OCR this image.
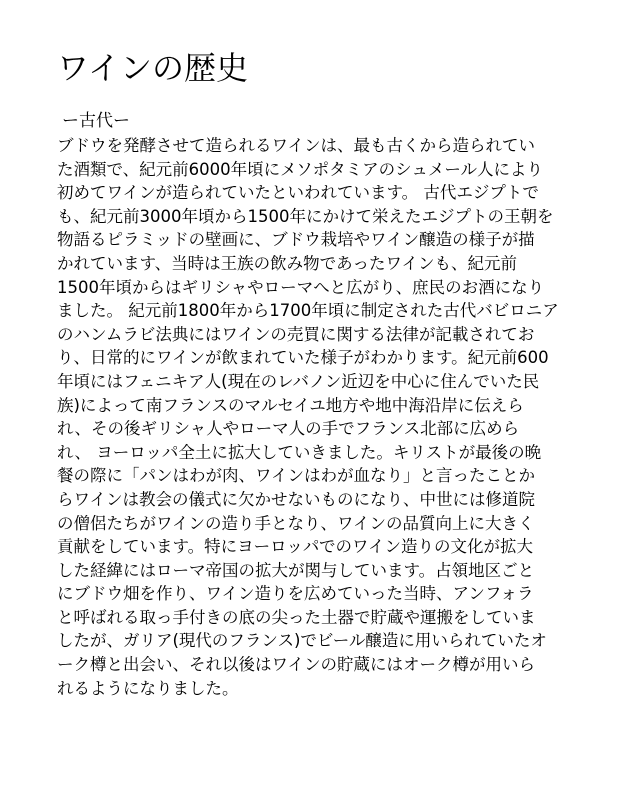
ワインの歴史
ー古代ー
ブドウを発酵させて造られるワインは、最も古くから造られてい
た酒類で、紀元前6000年頃にメソポタミアのシュメール人により
初めてワインが造られていたといわれています。 古代エジプトで
も、紀元前3000年頃から1500年にかけて栄えたエジプトの王朝を
物語るピラミッドの壁画に、ブドウ栽培やワイン醸造の様子が描
かれています、当時は王族の飲み物であったワインも、紀元前
1500年頃からはギリシャやローマへと広がり、庶民のお酒になり
ました。 紀元前1800年から1700年頃に制定された古代バビロニア
のハンムラビ法典にはワインの売買に関する法律が記載されてお
り、日常的にワインが飲まれていた様子がわかります。紀元前600
年頃にはフェニキア人(現在のレバノン近辺を中心に住んでいた民
族)によって南フランスのマルセイユ地方や地中海沿岸に伝えら
れ、その後ギリシャ人やローマ人の手でフランス北部に広めら
れ、 ヨーロッパ全土に拡大していきました。キリストが最後の晩
餐の際に「パンはわが肉、ワインはわが血なり」と言ったことか
らワインは教会の儀式に欠かせないものになり、中世には修道院
の僧侶たちがワインの造り手となり、ワインの品質向上に大きく
貢献をしています。特にヨーロッパでのワイン造りの文化が拡大
した経緯にはローマ帝国の拡大が関与しています。占領地区ごと
にブドウ畑を作り、ワイン造りを広めていった当時、アンフォラ
と呼ばれる取っ手付きの底の尖った土器で貯蔵や運搬をしていま
したが、ガリア(現代のフランス)でビール醸造に用いられていたオ
ーク樽と出会い、それ以後はワインの貯蔵にはオーク樽が用いら
れるようになりました。
